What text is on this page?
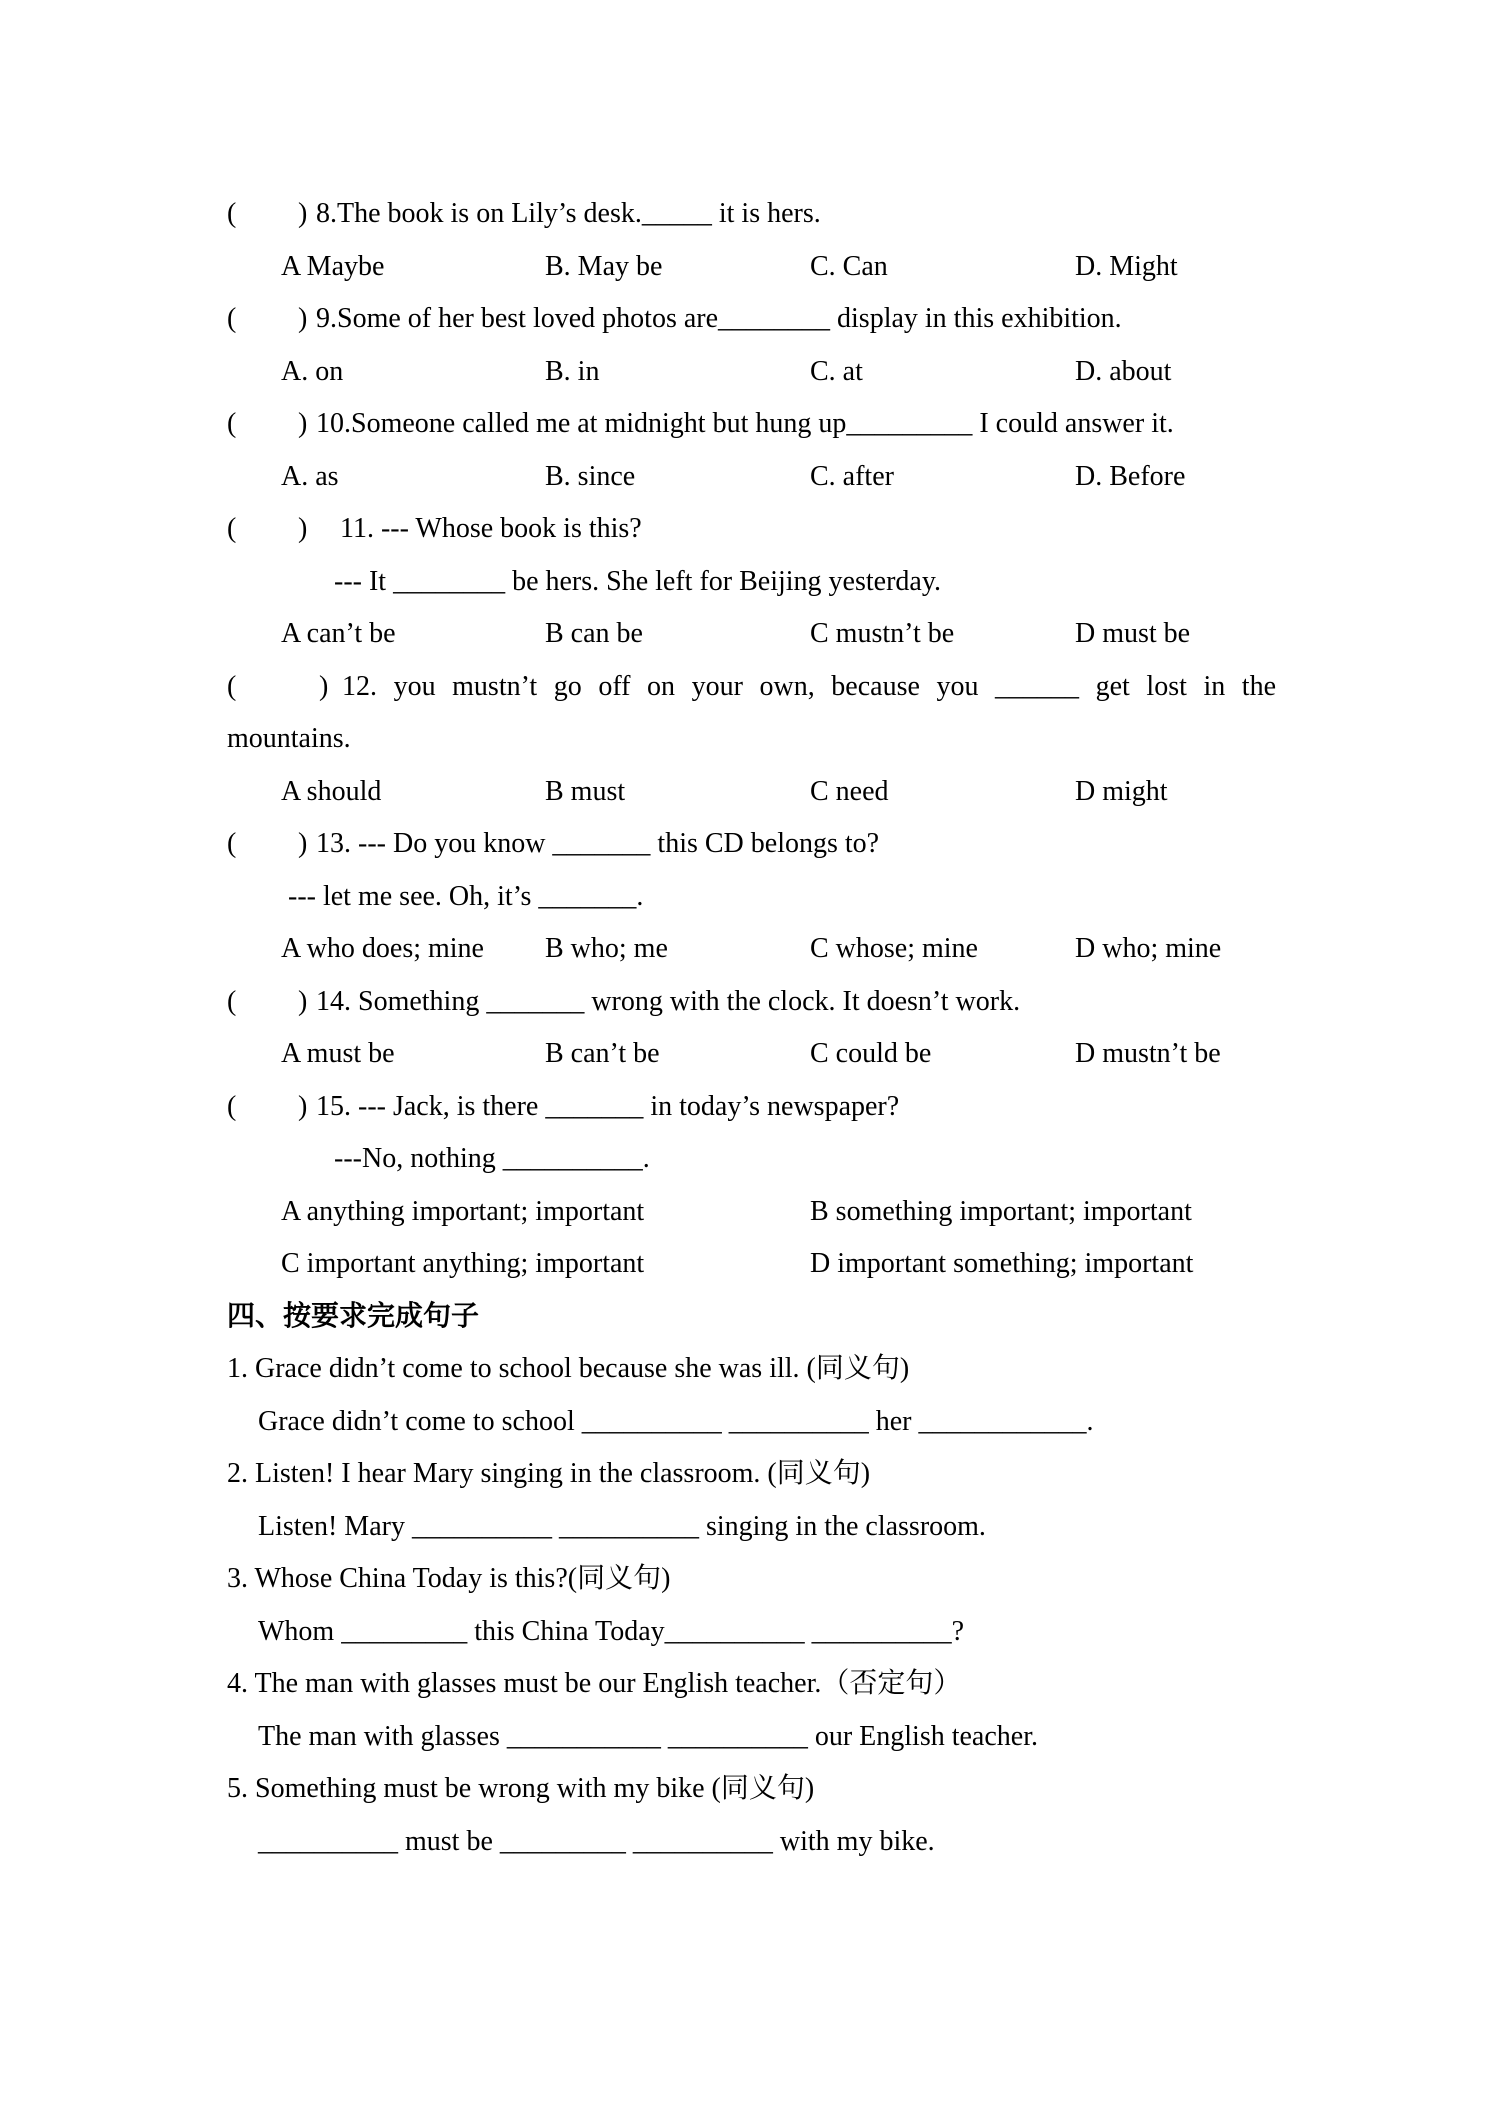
(

)

8.The book is on Lily’s desk._____ it is hers.

A Maybe

	B. May be

	C. Can

	D. Might

(

)

9.Some of her best loved photos are________ display in this exhibition.

A. on

	B. in

	C. at

	D. about

(

)

10.Someone called me at midnight but hung up_________ I could answer it.

A. as

	B. since

	C. after

	D. Before

(

)

11. --- Whose book is this?

--- It ________ be hers. She left for Beijing yesterday.

A can’t be

	B can be

	C mustn’t be

	D must be

(

	)

12. you mustn’t go off on your own, because you ______ get lost in the

mountains.

A should

	B must

	C need

	D might

(

)

13. --- Do you know _______ this CD belongs to?

--- let me see. Oh, it’s _______.

A who does; mine

B who; me

	C whose; mine

	D who; mine

(

)

14. Something _______ wrong with the clock. It doesn’t work.

A must be

	B can’t be

	C could be

	D mustn’t be

(

)

15. --- Jack, is there _______ in today’s newspaper?

---No, nothing __________.

A anything important; important

	B something important; important

C important anything; important

	D important something; important

四、按要求完成句子

1. Grace didn’t come to school because she was ill. (同义句)

Grace didn’t come to school __________ __________ her ____________.

2. Listen! I hear Mary singing in the classroom. (同义句)

Listen! Mary __________ __________ singing in the classroom.

3. Whose China Today is this?(同义句)

Whom _________ this China Today__________ __________?

4. The man with glasses must be our English teacher.（否定句）

The man with glasses ___________ __________ our English teacher.

5. Something must be wrong with my bike (同义句)

__________ must be _________ __________ with my bike.
